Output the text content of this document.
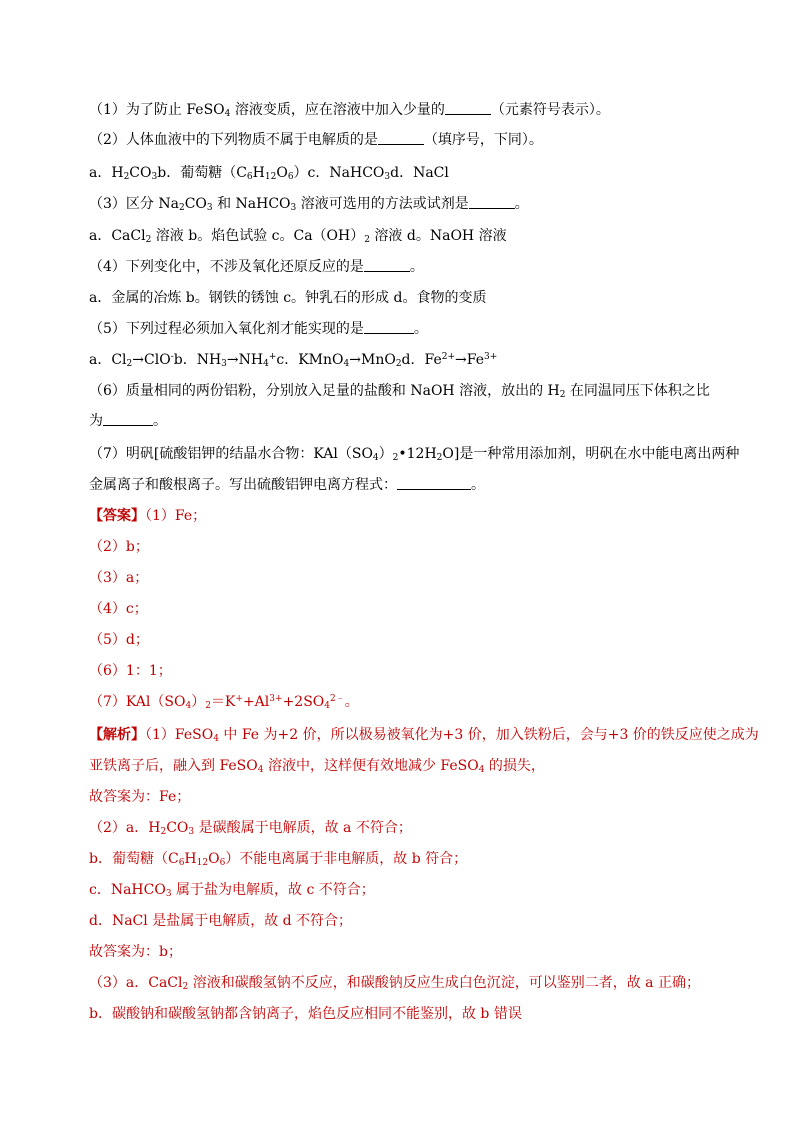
（1）为了防止 FeSO$_4$ 溶液变质，应在溶液中加入少量的	（元素符号表示）。
（2）人体血液中的下列物质不属于电解质的是	（填序号，下同）。
a．$H_2CO_3b$．葡萄糖$(C_6H_{12}O_6)c$．NaHCO$_3$d．NaCl
（3）区分 $Na_2CO_3$ 和 NaHCO$_3$ 溶液可选用的方法或试剂是	。
a．CaCl$_2$ 溶液 b。焰色试验 c。$Ca(OH)_2$ 溶液 d。NaOH 溶液
（4）下列变化中，不涉及氧化还原反应的是	。
a．金属的冶炼 b。钢铁的锈蚀 c。钟乳石的形成 d。食物的变质
（5）下列过程必须加入氧化剂才能实现的是	。
a．$Cl_2\to ClO^-b$．$NH_3\to NH_4^+c$．KMnO$_4$→MnO$_2$d．$Fe^{2+}\to Fe^{3+}$
（6）质量相同的两份铝粉，分别放入足量的盐酸和 NaOH 溶液，放出的 $H_2$ 在同温同压下体积之比
为	。
（7）明矾[硫酸铝钾的结晶水合物：$KAl(SO_4)_2•12H_2O$]是一种常用添加剂，明矾在水中能电离出两种
金属离子和酸根离子。写出硫酸铝钾电离方程式：	。
【答案】（1）Fe；
（2）b；
（3）a；
（4）c；
（5）d；
（6）1：1；
$(7)KAl(SO_4)_2=K^++Al^{3+}+2SO_4^{2﹣}$。
【解析】（1）FeSO$_4$ 中 Fe 为+2 价，所以极易被氧化为+3 价，加入铁粉后，会与+3 价的铁反应使之成为
亚铁离子后，融入到 FeSO$_4$ 溶液中，这样便有效地减少 FeSO$_4$ 的损失，
故答案为：Fe；
（2）a．$H_2CO_3$ 是碳酸属于电解质，故 a 不符合；
b．葡萄糖$(C_6H_{12}O_6)$不能电离属于非电解质，故 b 符合；
c．NaHCO$_3$ 属于盐为电解质，故 c 不符合；
d．NaCl 是盐属于电解质，故 d 不符合；
故答案为：b；
（3）a．CaCl$_2$ 溶液和碳酸氢钠不反应，和碳酸钠反应生成白色沉淀，可以鉴别二者，故 a 正确；
b．碳酸钠和碳酸氢钠都含钠离子，焰色反应相同不能鉴别，故 b 错误
